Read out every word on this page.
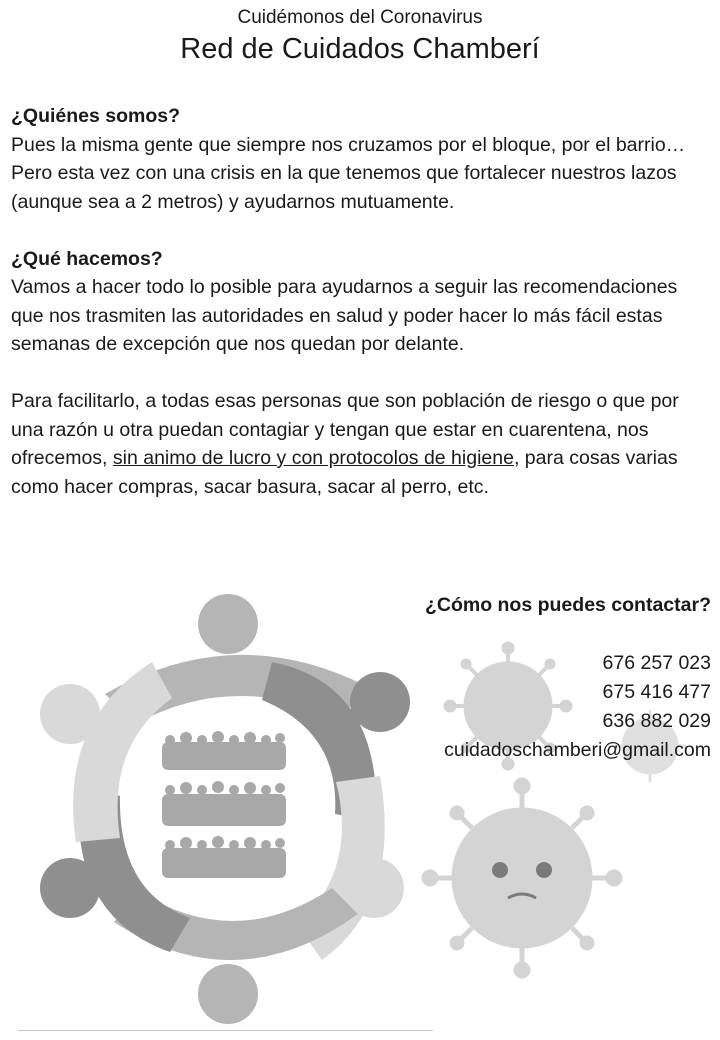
Cuidémonos del Coronavirus
Red de Cuidados Chamberí

¿Quiénes somos?

Pues la misma gente que siempre nos cruzamos por el bloque, por el barrio… Pero esta vez con una crisis en la que tenemos que fortalecer nuestros lazos (aunque sea a 2 metros) y ayudarnos mutuamente.

¿Qué hacemos?

Vamos a hacer todo lo posible para ayudarnos a seguir las recomendaciones que nos trasmiten las autoridades en salud y poder hacer lo más fácil estas semanas de excepción que nos quedan por delante.

Para facilitarlo, a todas esas personas que son población de riesgo o que por una razón u otra puedan contagiar y tengan que estar en cuarentena, nos ofrecemos, sin animo de lucro y con protocolos de higiene, para cosas varias como hacer compras, sacar basura, sacar al perro, etc.

¿Cómo nos puedes contactar?
676 257 023
675 416 477
636 882 029
cuidadoschamberi@gmail.com
